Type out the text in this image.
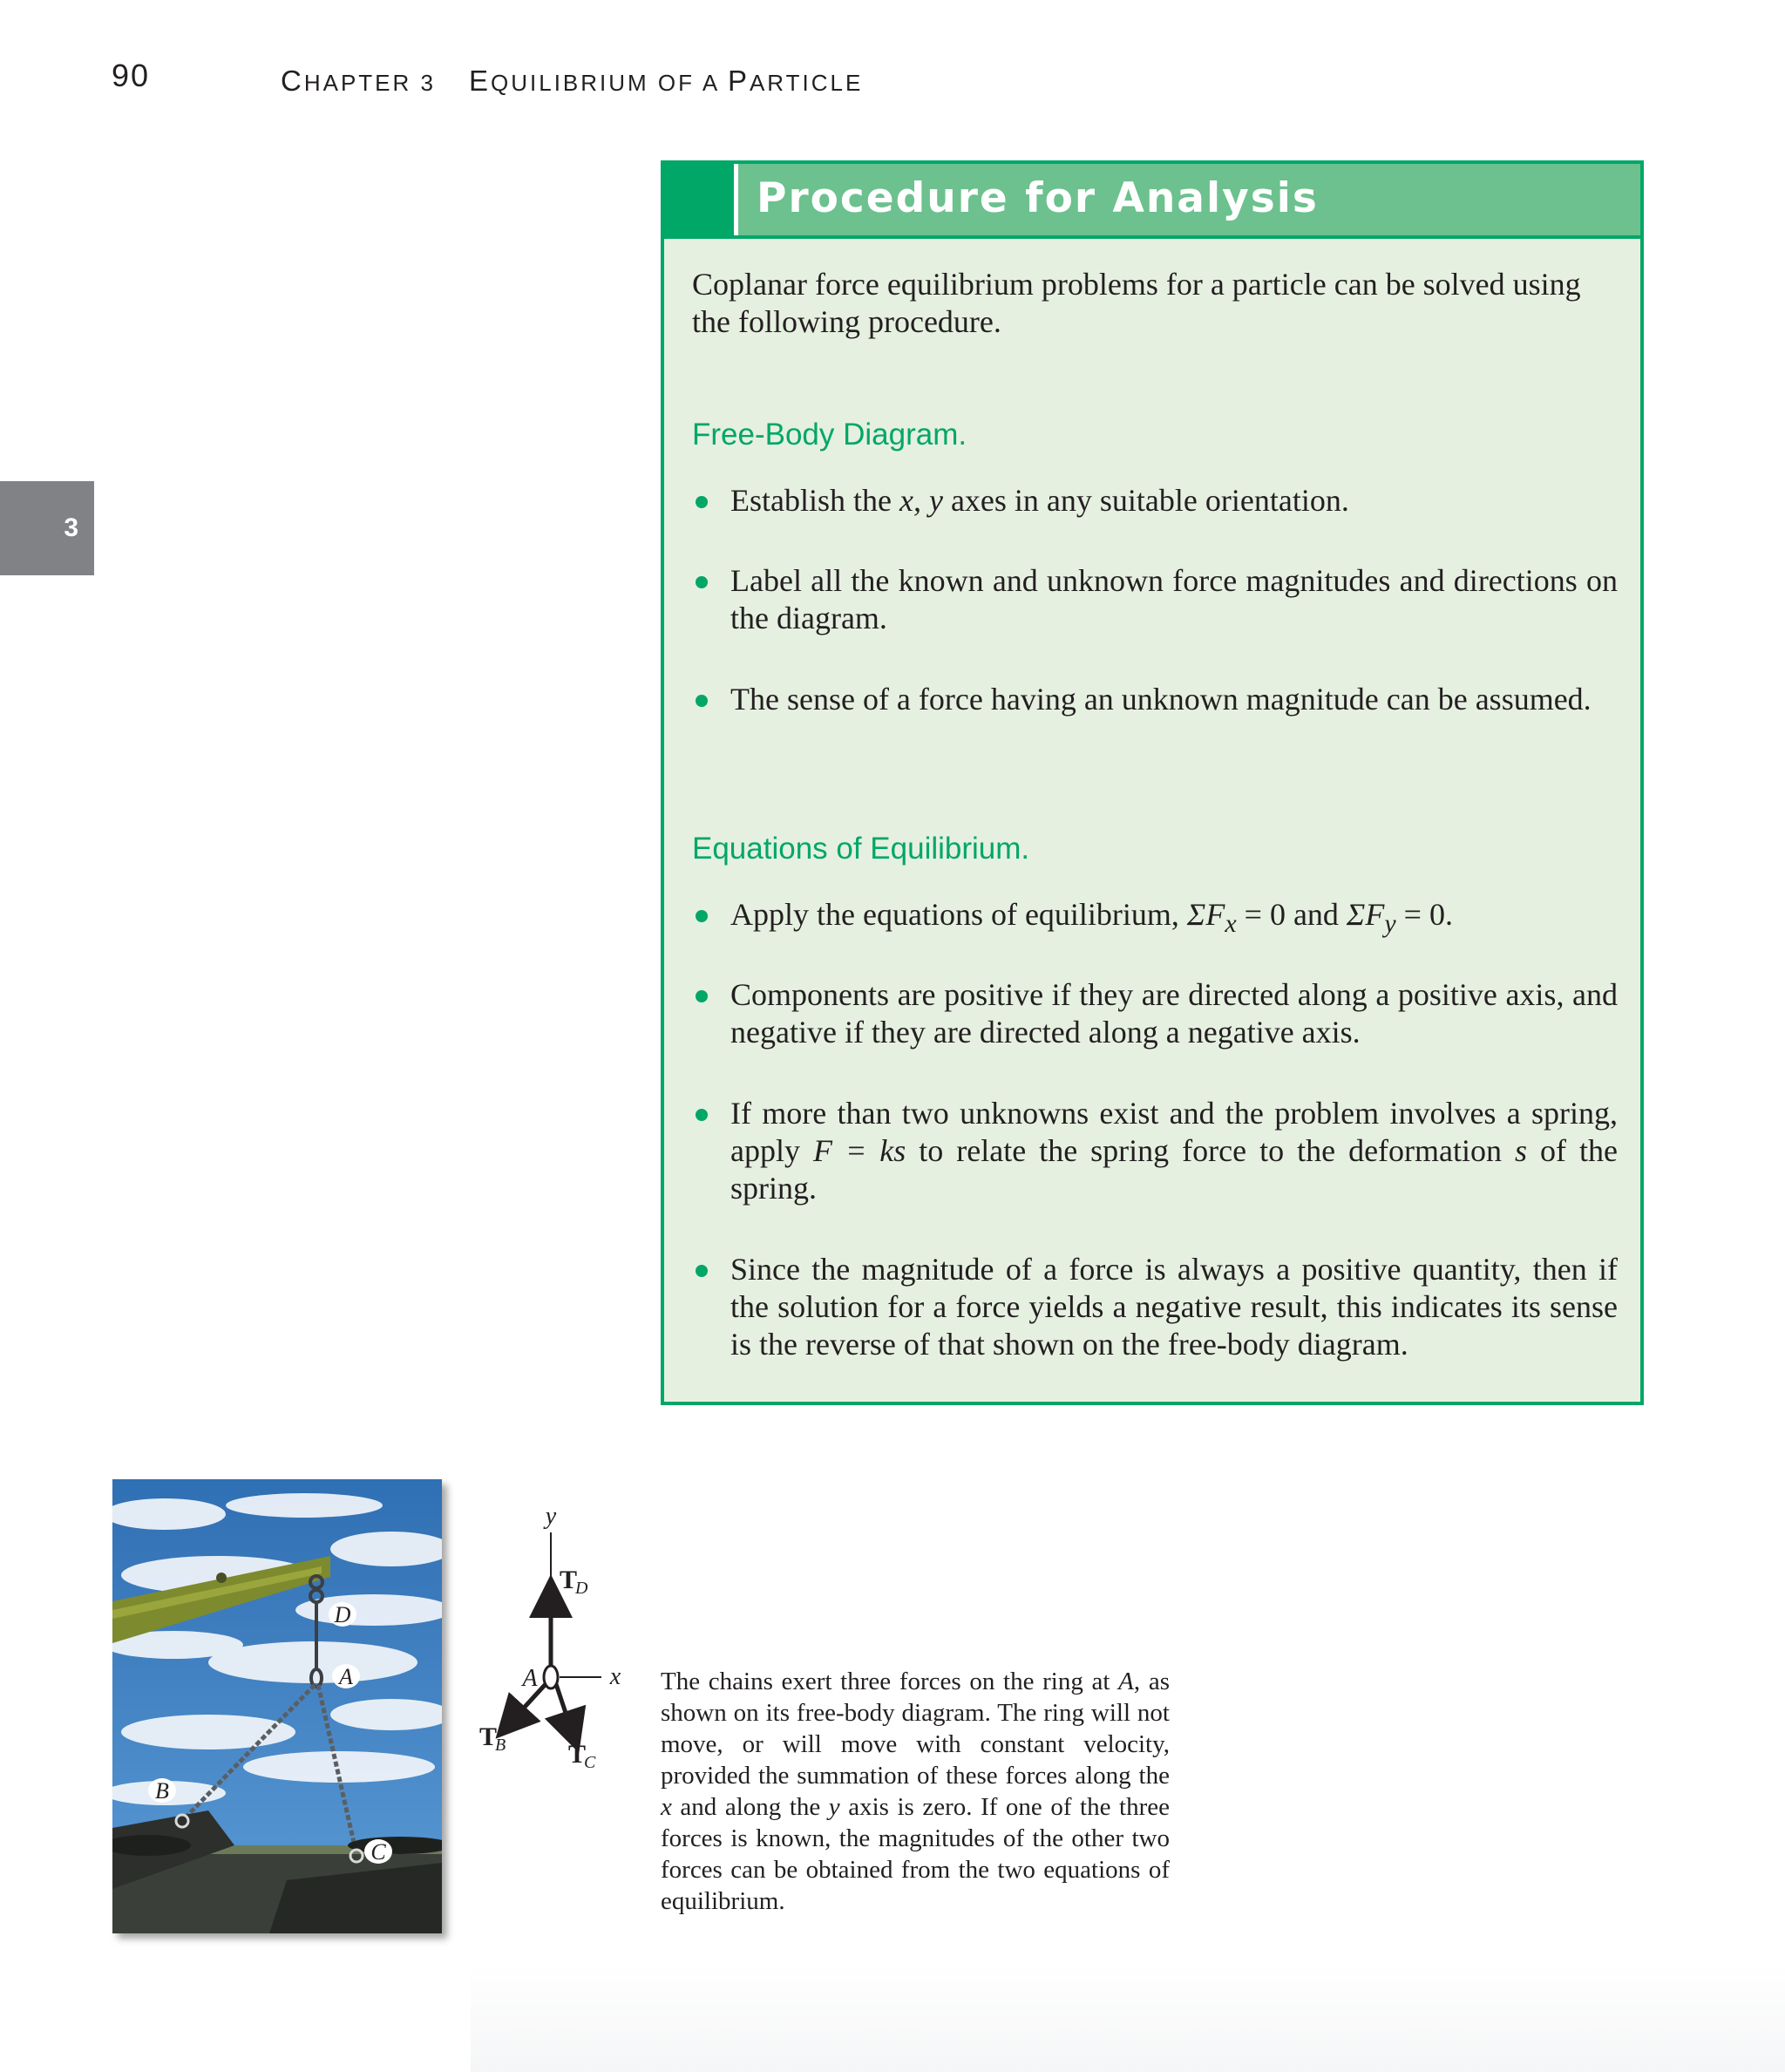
90	CHAPTER 3 EQUILIBRIUM OF A PARTICLE
3
Procedure for Analysis
Coplanar force equilibrium problems for a particle can be solved using the following procedure.
Free-Body Diagram.
Establish the x, y axes in any suitable orientation.
Label all the known and unknown force magnitudes and directions on the diagram.
The sense of a force having an unknown magnitude can be assumed.
Equations of Equilibrium.
Apply the equations of equilibrium, $\Sigma F_x = 0$ and $\Sigma F_y = 0$.
Components are positive if they are directed along a positive axis, and negative if they are directed along a negative axis.
If more than two unknowns exist and the problem involves a spring, apply F = ks to relate the spring force to the deformation s of the spring.
Since the magnitude of a force is always a positive quantity, then if the solution for a force yields a negative result, this indicates its sense is the reverse of that shown on the free-body diagram.
D
A
B
C
y
x
A
T
D
T
B T
C
The chains exert three forces on the ring at A, as shown on its free-body diagram. The ring will not move, or will move with constant velocity, provided the summation of these forces along the x and along the y axis is zero. If one of the three forces is known, the magnitudes of the other two forces can be obtained from the two equations of equilibrium.
